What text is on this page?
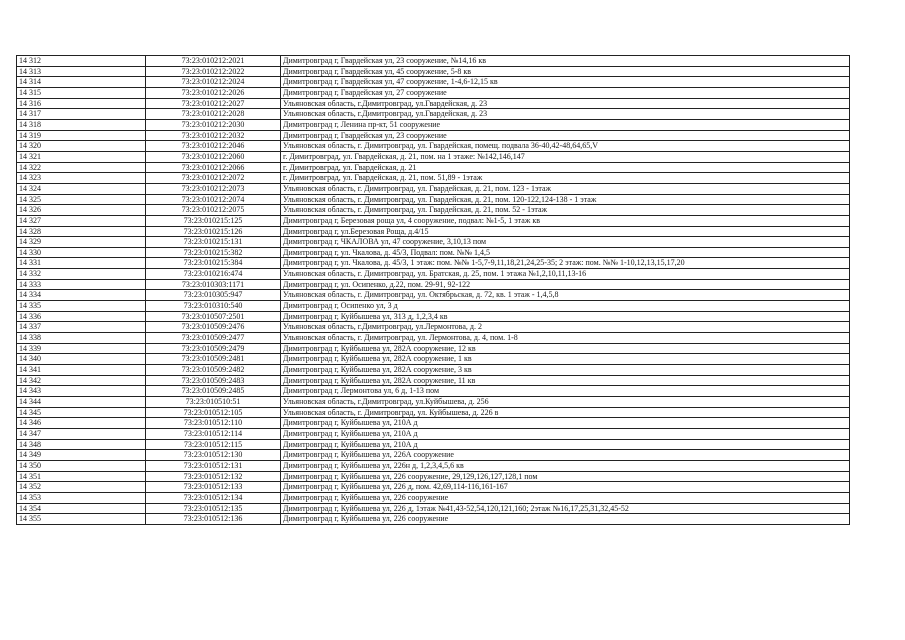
14 312	73:23:010212:2021	Димитровград г, Гвардейская ул, 23 сооружение, №14,16 кв
14 313	73:23:010212:2022	Димитровград г, Гвардейская ул, 45 сооружение, 5-8 кв
14 314	73:23:010212:2024	Димитровград г, Гвардейская ул, 47 сооружение, 1-4,6-12,15 кв
14 315	73:23:010212:2026	Димитровград г, Гвардейская ул, 27 сооружение
14 316	73:23:010212:2027	Ульяновская область, г.Димитровград, ул.Гвардейская, д. 23
14 317	73:23:010212:2028	Ульяновская область, г.Димитровград, ул.Гвардейская, д. 23
14 318	73:23:010212:2030	Димитровград г, Ленина пр-кт, 51 сооружение
14 319	73:23:010212:2032	Димитровград г, Гвардейская ул, 23 сооружение
14 320	73:23:010212:2046	Ульяновская область, г. Димитровград, ул. Гвардейская, помещ. подвала 36-40,42-48,64,65,V
14 321	73:23:010212:2060	г. Димитровград, ул. Гвардейская, д. 21, пом. на 1 этаже: №142,146,147
14 322	73:23:010212:2066	г. Димитровград, ул. Гвардейская, д. 21
14 323	73:23:010212:2072	г. Димитровград, ул. Гвардейская, д. 21, пом. 51,89 - 1этаж
14 324	73:23:010212:2073	Ульяновская область, г. Димитровград, ул. Гвардейская, д. 21, пом. 123 - 1этаж
14 325	73:23:010212:2074	Ульяновская область, г. Димитровград, ул. Гвардейская, д. 21, пом. 120-122,124-138 - 1 этаж
14 326	73:23:010212:2075	Ульяновская область, г. Димитровград, ул. Гвардейская, д. 21, пом. 52 - 1этаж
14 327	73:23:010215:125	Димитровград г, Березовая роща ул, 4 сооружение, подвал: №1-5, 1 этаж кв
14 328	73:23:010215:126	Димитровград г, ул.Березовая Роща, д.4/15
14 329	73:23:010215:131	Димитровград г, ЧКАЛОВА ул, 47 сооружение, 3,10,13 пом
14 330	73:23:010215:382	Димитровград г, ул. Чкалова, д. 45/3, Подвал: пом. №№ 1,4,5
14 331	73:23:010215:384	Димитровград г, ул. Чкалова, д. 45/3, 1 этаж: пом. №№ 1-5,7-9,11,18,21,24,25-35; 2 этаж: пом. №№ 1-10,12,13,15,17,20
14 332	73:23:010216:474	Ульяновская область, г. Димитровград, ул. Братская, д. 25, пом. 1 этажа №1,2,10,11,13-16
14 333	73:23:010303:1171	Димитровград г, ул. Осипенко, д.22, пом. 29-91, 92-122
14 334	73:23:010305:947	Ульяновская область, г. Димитровград, ул. Октябрьская, д. 72, кв. 1 этаж - 1,4,5,8
14 335	73:23:010310:540	Димитровград г, Осипенко ул, 3 д
14 336	73:23:010507:2501	Димитровград г, Куйбышева ул, 313 д, 1,2,3,4 кв
14 337	73:23:010509:2476	Ульяновская область, г.Димитровград, ул.Лермонтова, д. 2
14 338	73:23:010509:2477	Ульяновская область, г. Димитровград, ул. Лермонтова, д. 4, пом. 1-8
14 339	73:23:010509:2479	Димитровград г, Куйбышева ул, 282А сооружение, 12 кв
14 340	73:23:010509:2481	Димитровград г, Куйбышева ул, 282А сооружение, 1 кв
14 341	73:23:010509:2482	Димитровград г, Куйбышева ул, 282А сооружение, 3 кв
14 342	73:23:010509:2483	Димитровград г, Куйбышева ул, 282А сооружение, 11 кв
14 343	73:23:010509:2485	Димитровград г, Лермонтова ул, 6 д, 1-13 пом
14 344	73:23:010510:51	Ульяновская область, г.Димитровград, ул.Куйбышева, д. 256
14 345	73:23:010512:105	Ульяновская область, г. Димитровград, ул. Куйбышева, д. 226 в
14 346	73:23:010512:110	Димитровград г, Куйбышева ул, 210А д
14 347	73:23:010512:114	Димитровград г, Куйбышева ул, 210А д
14 348	73:23:010512:115	Димитровград г, Куйбышева ул, 210А д
14 349	73:23:010512:130	Димитровград г, Куйбышева ул, 226А сооружение
14 350	73:23:010512:131	Димитровград г, Куйбышева ул, 226н д, 1,2,3,4,5,6 кв
14 351	73:23:010512:132	Димитровград г, Куйбышева ул, 226 сооружение, 29,129,126,127,128,1 пом
14 352	73:23:010512:133	Димитровград г, Куйбышева ул, 226 д, пом. 42,69,114-116,161-167
14 353	73:23:010512:134	Димитровград г, Куйбышева ул, 226 сооружение
14 354	73:23:010512:135	Димитровград г, Куйбышева ул, 226 д, 1этаж №41,43-52,54,120,121,160; 2этаж №16,17,25,31,32,45-52
14 355	73:23:010512:136	Димитровград г, Куйбышева ул, 226 сооружение
